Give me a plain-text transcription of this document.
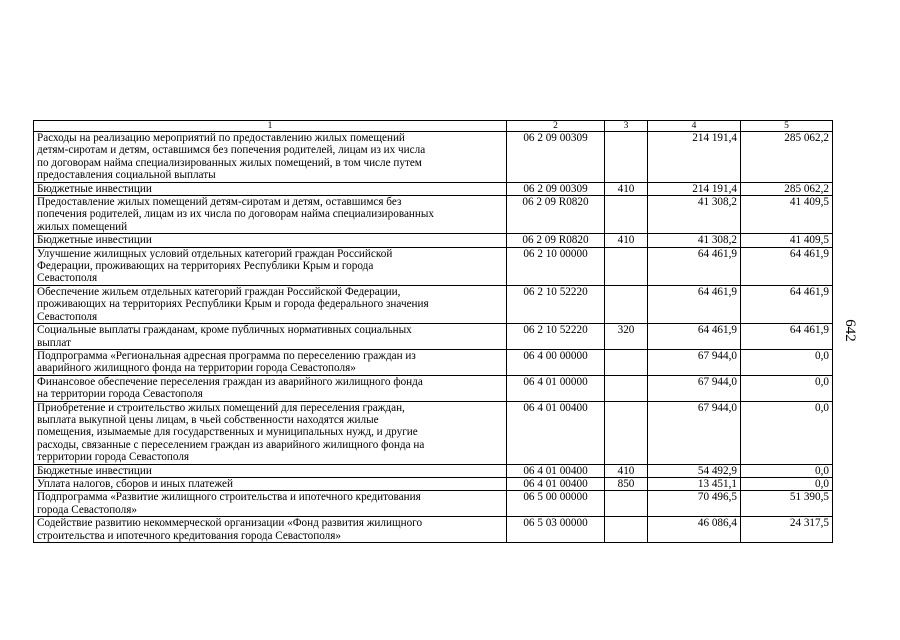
1	2	3	4	5
Расходы на реализацию мероприятий по предоставлению жилых помещений
детям-сиротам и детям, оставшимся без попечения родителей, лицам из их числа
по договорам найма специализированных жилых помещений, в том числе путем
предоставления социальной выплаты	06 2 09 00309		214 191,4	285 062,2
Бюджетные инвестиции	06 2 09 00309	410	214 191,4	285 062,2
Предоставление жилых помещений детям-сиротам и детям, оставшимся без
попечения родителей, лицам из их числа по договорам найма специализированных
жилых помещений	06 2 09 R0820		41 308,2	41 409,5
Бюджетные инвестиции	06 2 09 R0820	410	41 308,2	41 409,5
Улучшение жилищных условий отдельных категорий граждан Российской
Федерации, проживающих на территориях Республики Крым и города
Севастополя	06 2 10 00000		64 461,9	64 461,9
Обеспечение жильем отдельных категорий граждан Российской Федерации,
проживающих на территориях Республики Крым и города федерального значения
Севастополя	06 2 10 52220		64 461,9	64 461,9
Социальные выплаты гражданам, кроме публичных нормативных социальных
выплат	06 2 10 52220	320	64 461,9	64 461,9
Подпрограмма «Региональная адресная программа по переселению граждан из
аварийного жилищного фонда на территории города Севастополя»	06 4 00 00000		67 944,0	0,0
Финансовое обеспечение переселения граждан из аварийного жилищного фонда
на территории города Севастополя	06 4 01 00000		67 944,0	0,0
Приобретение и строительство жилых помещений для переселения граждан,
выплата выкупной цены лицам, в чьей собственности находятся жилые
помещения, изымаемые для государственных и муниципальных нужд, и другие
расходы, связанные с переселением граждан из аварийного жилищного фонда на
территории города Севастополя	06 4 01 00400		67 944,0	0,0
Бюджетные инвестиции	06 4 01 00400	410	54 492,9	0,0
Уплата налогов, сборов и иных платежей	06 4 01 00400	850	13 451,1	0,0
Подпрограмма «Развитие жилищного строительства и ипотечного кредитования
города Севастополя»	06 5 00 00000		70 496,5	51 390,5
Содействие развитию некоммерческой организации «Фонд развития жилищного
строительства и ипотечного кредитования города Севастополя»	06 5 03 00000		46 086,4	24 317,5
642
